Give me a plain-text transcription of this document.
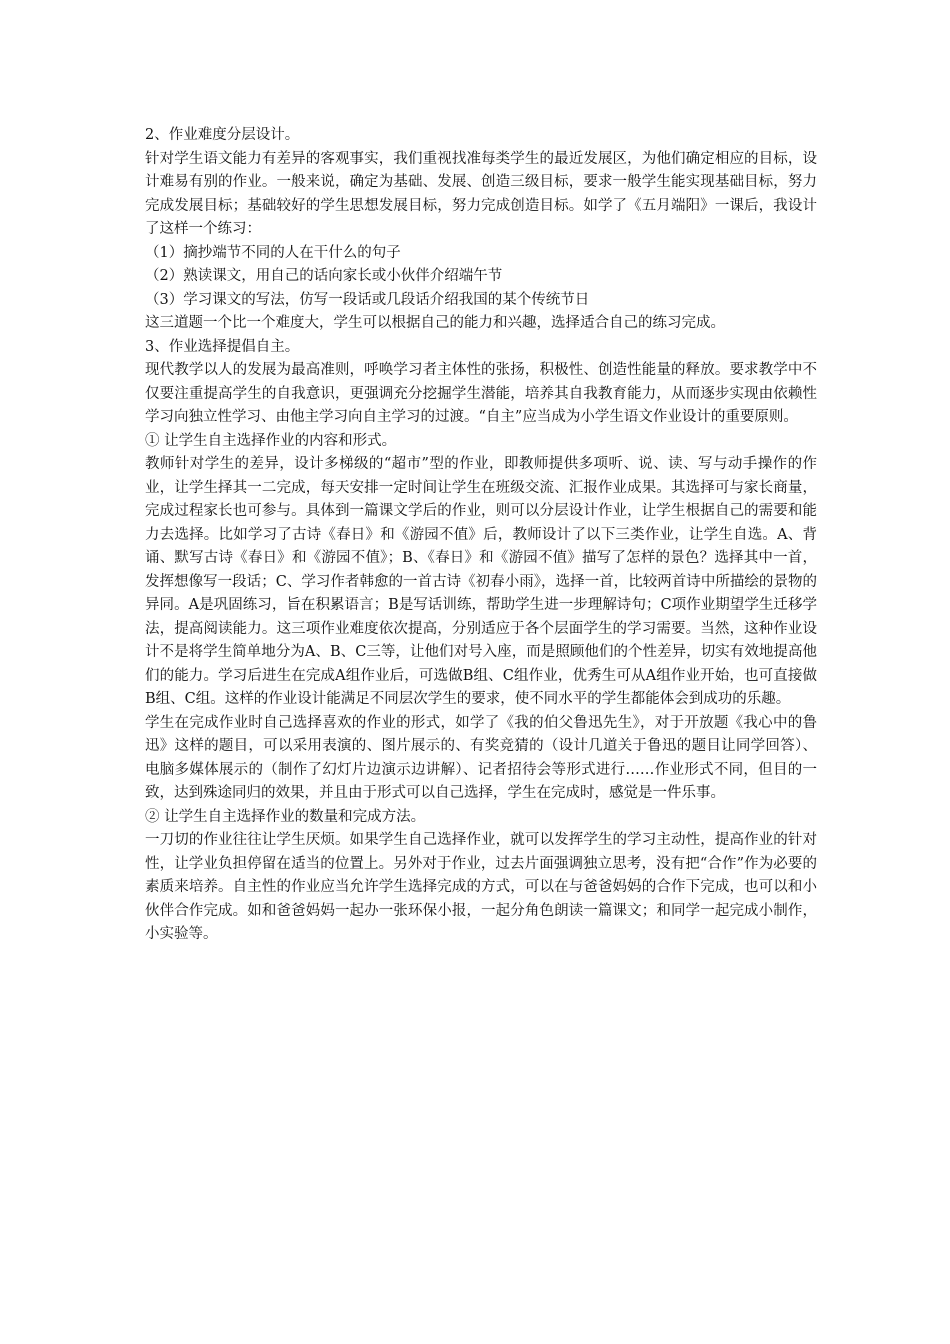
2、作业难度分层设计。

针对学生语文能力有差异的客观事实，我们重视找准每类学生的最近发展区，为他们确定相应的目标，设计难易有别的作业。一般来说，确定为基础、发展、创造三级目标，要求一般学生能实现基础目标，努力完成发展目标；基础较好的学生思想发展目标，努力完成创造目标。如学了《五月端阳》一课后，我设计了这样一个练习：

（1）摘抄端节不同的人在干什么的句子

（2）熟读课文，用自己的话向家长或小伙伴介绍端午节

（3）学习课文的写法，仿写一段话或几段话介绍我国的某个传统节日

这三道题一个比一个难度大，学生可以根据自己的能力和兴趣，选择适合自己的练习完成。

3、作业选择提倡自主。

现代教学以人的发展为最高准则，呼唤学习者主体性的张扬，积极性、创造性能量的释放。要求教学中不仅要注重提高学生的自我意识，更强调充分挖掘学生潜能，培养其自我教育能力，从而逐步实现由依赖性学习向独立性学习、由他主学习向自主学习的过渡。“自主”应当成为小学生语文作业设计的重要原则。

① 让学生自主选择作业的内容和形式。

教师针对学生的差异，设计多梯级的“超市”型的作业，即教师提供多项听、说、读、写与动手操作的作业，让学生择其一二完成，每天安排一定时间让学生在班级交流、汇报作业成果。其选择可与家长商量，完成过程家长也可参与。具体到一篇课文学后的作业，则可以分层设计作业，让学生根据自己的需要和能力去选择。比如学习了古诗《春日》和《游园不值》后，教师设计了以下三类作业，让学生自选。A、背诵、默写古诗《春日》和《游园不值》；B、《春日》和《游园不值》描写了怎样的景色？选择其中一首，发挥想像写一段话；C、学习作者韩愈的一首古诗《初春小雨》，选择一首，比较两首诗中所描绘的景物的异同。A是巩固练习，旨在积累语言；B是写话训练，帮助学生进一步理解诗句；C项作业期望学生迁移学法，提高阅读能力。这三项作业难度依次提高，分别适应于各个层面学生的学习需要。当然，这种作业设计不是将学生简单地分为A、B、C三等，让他们对号入座，而是照顾他们的个性差异，切实有效地提高他们的能力。学习后进生在完成A组作业后，可选做B组、C组作业，优秀生可从A组作业开始，也可直接做B组、C组。这样的作业设计能满足不同层次学生的要求，使不同水平的学生都能体会到成功的乐趣。

学生在完成作业时自己选择喜欢的作业的形式，如学了《我的伯父鲁迅先生》，对于开放题《我心中的鲁迅》这样的题目，可以采用表演的、图片展示的、有奖竞猜的（设计几道关于鲁迅的题目让同学回答）、电脑多媒体展示的（制作了幻灯片边演示边讲解）、记者招待会等形式进行……作业形式不同，但目的一致，达到殊途同归的效果，并且由于形式可以自己选择，学生在完成时，感觉是一件乐事。

② 让学生自主选择作业的数量和完成方法。

一刀切的作业往往让学生厌烦。如果学生自己选择作业，就可以发挥学生的学习主动性，提高作业的针对性，让学业负担停留在适当的位置上。另外对于作业，过去片面强调独立思考，没有把“合作”作为必要的素质来培养。自主性的作业应当允许学生选择完成的方式，可以在与爸爸妈妈的合作下完成，也可以和小伙伴合作完成。如和爸爸妈妈一起办一张环保小报，一起分角色朗读一篇课文；和同学一起完成小制作，小实验等。
